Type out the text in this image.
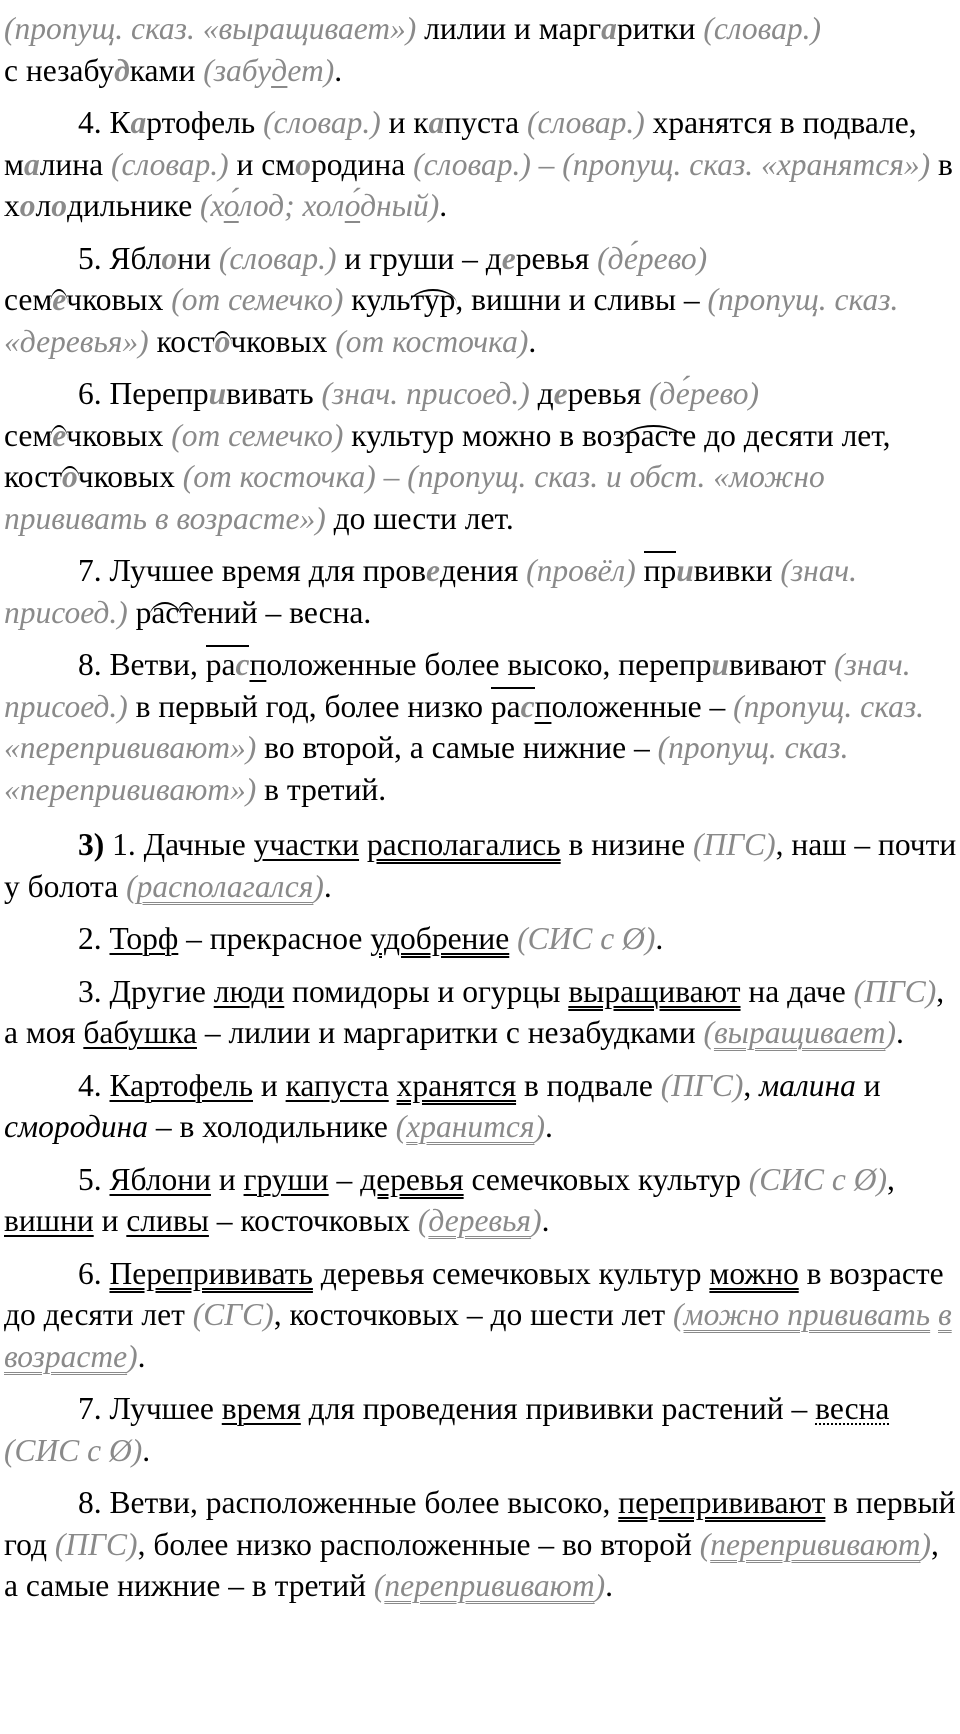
(пропущ. сказ. «выращивает») лилии и маргаритки (словар.)
с незабудками (забудет).

4. Картофель (словар.) и капуста (словар.) хранятся в подвале, малина (словар.) и смородина (словар.) – (пропущ. сказ. «хранятся») в холодильнике (хо́лод; холо́дный).

5. Яблони (словар.) и груши – деревья (де́рево)
семечковых (от семечко) культур, вишни и сливы – (пропущ. сказ. «деревья») косточковых (от косточка).

6. Перепрививать (знач. присоед.) деревья (де́рево)
семечковых (от семечко) культур можно в возрасте до десяти лет, косточковых (от косточка) – (пропущ. сказ. и обст. «можно прививать в возрасте») до шести лет.

7. Лучшее время для проведения (провёл) прививки (знач. присоед.) растений – весна.

8. Ветви, расположенные более высоко, перепрививают (знач. присоед.) в первый год, более низко расположенные – (пропущ. сказ. «перепрививают») во второй, а самые нижние – (пропущ. сказ. «перепрививают») в третий.

3) 1. Дачные участки располагались в низине (ПГС), наш – почти у болота (располагался).

2. Торф – прекрасное удобрение (СИС с Ø).

3. Другие люди помидоры и огурцы выращивают на даче (ПГС), а моя бабушка – лилии и маргаритки с незабудками (выращивает).

4. Картофель и капуста хранятся в подвале (ПГС), малина и смородина – в холодильнике (хранится).

5. Яблони и груши – деревья семечковых культур (СИС с Ø), вишни и сливы – косточковых (деревья).

6. Перепрививать деревья семечковых культур можно в возрасте до десяти лет (СГС), косточковых – до шести лет (можно прививать в возрасте).

7. Лучшее время для проведения прививки растений – весна (СИС с Ø).

8. Ветви, расположенные более высоко, перепрививают в первый год (ПГС), более низко расположенные – во второй (перепрививают), а самые нижние – в третий (перепрививают).
